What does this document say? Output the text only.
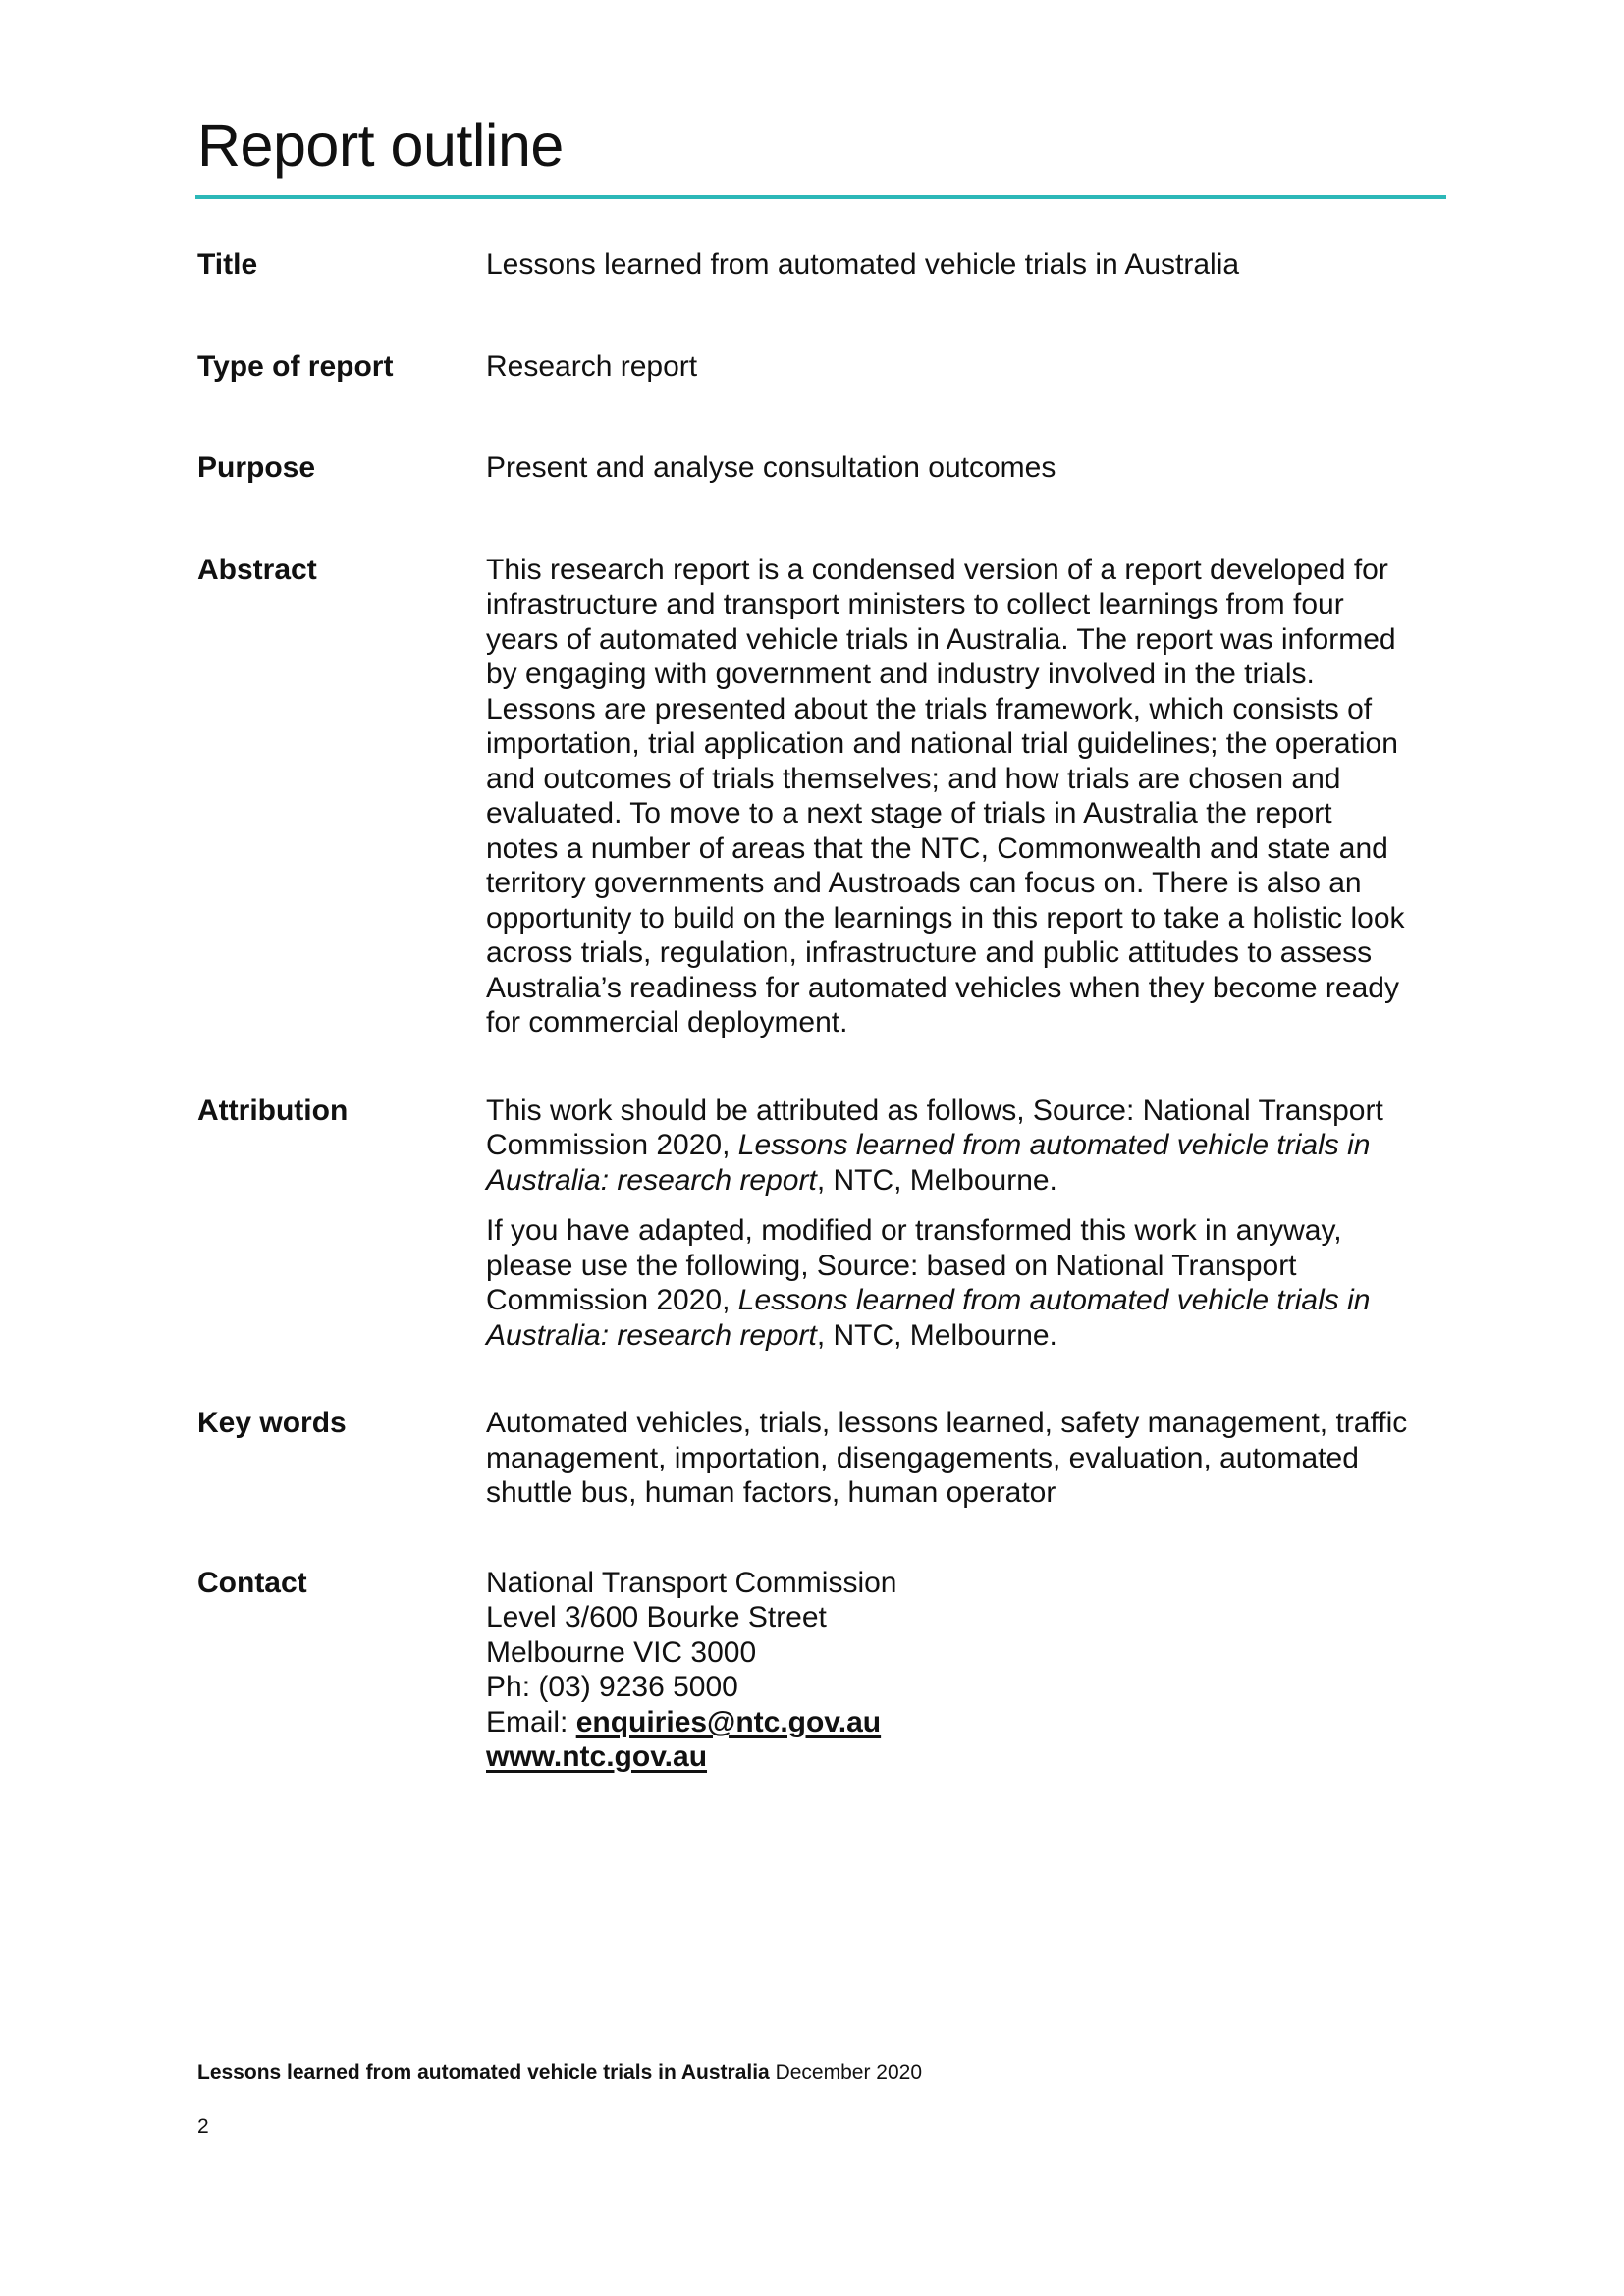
Report outline
Title	Lessons learned from automated vehicle trials in Australia
Type of report	Research report
Purpose	Present and analyse consultation outcomes
Abstract	This research report is a condensed version of a report developed for
infrastructure and transport ministers to collect learnings from four
years of automated vehicle trials in Australia. The report was informed
by engaging with government and industry involved in the trials.
Lessons are presented about the trials framework, which consists of
importation, trial application and national trial guidelines; the operation
and outcomes of trials themselves; and how trials are chosen and
evaluated. To move to a next stage of trials in Australia the report
notes a number of areas that the NTC, Commonwealth and state and
territory governments and Austroads can focus on. There is also an
opportunity to build on the learnings in this report to take a holistic look
across trials, regulation, infrastructure and public attitudes to assess
Australia’s readiness for automated vehicles when they become ready
for commercial deployment.
Attribution	This work should be attributed as follows, Source: National Transport
Commission 2020, Lessons learned from automated vehicle trials in
Australia: research report, NTC, Melbourne.

If you have adapted, modified or transformed this work in anyway,
please use the following, Source: based on National Transport
Commission 2020, Lessons learned from automated vehicle trials in
Australia: research report, NTC, Melbourne.

Key words	Automated vehicles, trials, lessons learned, safety management, traffic
management, importation, disengagements, evaluation, automated
shuttle bus, human factors, human operator
Contact	National Transport Commission
Level 3/600 Bourke Street
Melbourne VIC 3000
Ph: (03) 9236 5000
Email: enquiries@ntc.gov.au
www.ntc.gov.au
Lessons learned from automated vehicle trials in Australia December 2020
2
